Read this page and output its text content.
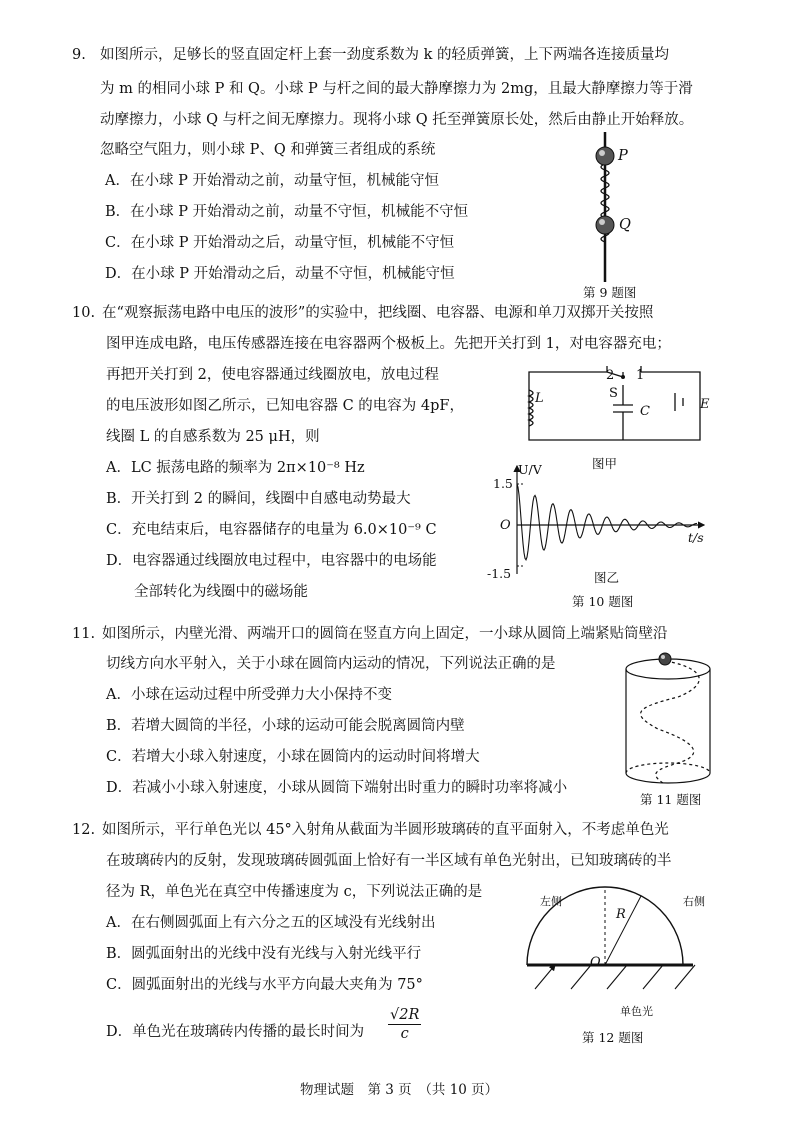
9. 如图所示，足够长的竖直固定杆上套一劲度系数为 k 的轻质弹簧，上下两端各连接质量均
为 m 的相同小球 P 和 Q。小球 P 与杆之间的最大静摩擦力为 2mg，且最大静摩擦力等于滑
动摩擦力，小球 Q 与杆之间无摩擦力。现将小球 Q 托至弹簧原长处，然后由静止开始释放。
忽略空气阻力，则小球 P、Q 和弹簧三者组成的系统
A．在小球 P 开始滑动之前，动量守恒，机械能守恒
B．在小球 P 开始滑动之前，动量不守恒，机械能不守恒
C．在小球 P 开始滑动之后，动量守恒，机械能不守恒
D．在小球 P 开始滑动之后，动量不守恒，机械能守恒
P
Q
第 9 题图
10. 在“观察振荡电路中电压的波形”的实验中，把线圈、电容器、电源和单刀双掷开关按照
图甲连成电路，电压传感器连接在电容器两个极板上。先把开关打到 1，对电容器充电；
再把开关打到 2，使电容器通过线圈放电，放电过程
的电压波形如图乙所示，已知电容器 C 的电容为 4pF，
线圈 L 的自感系数为 25 μH，则
A．LC 振荡电路的频率为 2π×10⁻⁸ Hz
B．开关打到 2 的瞬间，线圈中自感电动势最大
C．充电结束后，电容器储存的电量为 6.0×10⁻⁹ C
D．电容器通过线圈放电过程中，电容器中的电场能
全部转化为线圈中的磁场能
L
2 1
S
C	E
图甲
U/V
1.5
-1.5
O
t/s
图乙
第 10 题图
11. 如图所示，内壁光滑、两端开口的圆筒在竖直方向上固定，一小球从圆筒上端紧贴筒壁沿
切线方向水平射入，关于小球在圆筒内运动的情况，下列说法正确的是
A．小球在运动过程中所受弹力大小保持不变
B．若增大圆筒的半径，小球的运动可能会脱离圆筒内壁
C．若增大小球入射速度，小球在圆筒内的运动时间将增大
D．若减小小球入射速度，小球从圆筒下端射出时重力的瞬时功率将减小
第 11 题图
12. 如图所示，平行单色光以 45°入射角从截面为半圆形玻璃砖的直平面射入，不考虑单色光
在玻璃砖内的反射，发现玻璃砖圆弧面上恰好有一半区域有单色光射出，已知玻璃砖的半
径为 R，单色光在真空中传播速度为 c，下列说法正确的是
A．在右侧圆弧面上有六分之五的区域没有光线射出
B．圆弧面射出的光线中没有光线与入射光线平行
C．圆弧面射出的光线与水平方向最大夹角为 75°
D．单色光在玻璃砖内传播的最长时间为 $\frac{√2R}{c}$
左侧	右侧
R
O
单色光
第 12 题图
物理试题　第 3 页　（共 10 页）
